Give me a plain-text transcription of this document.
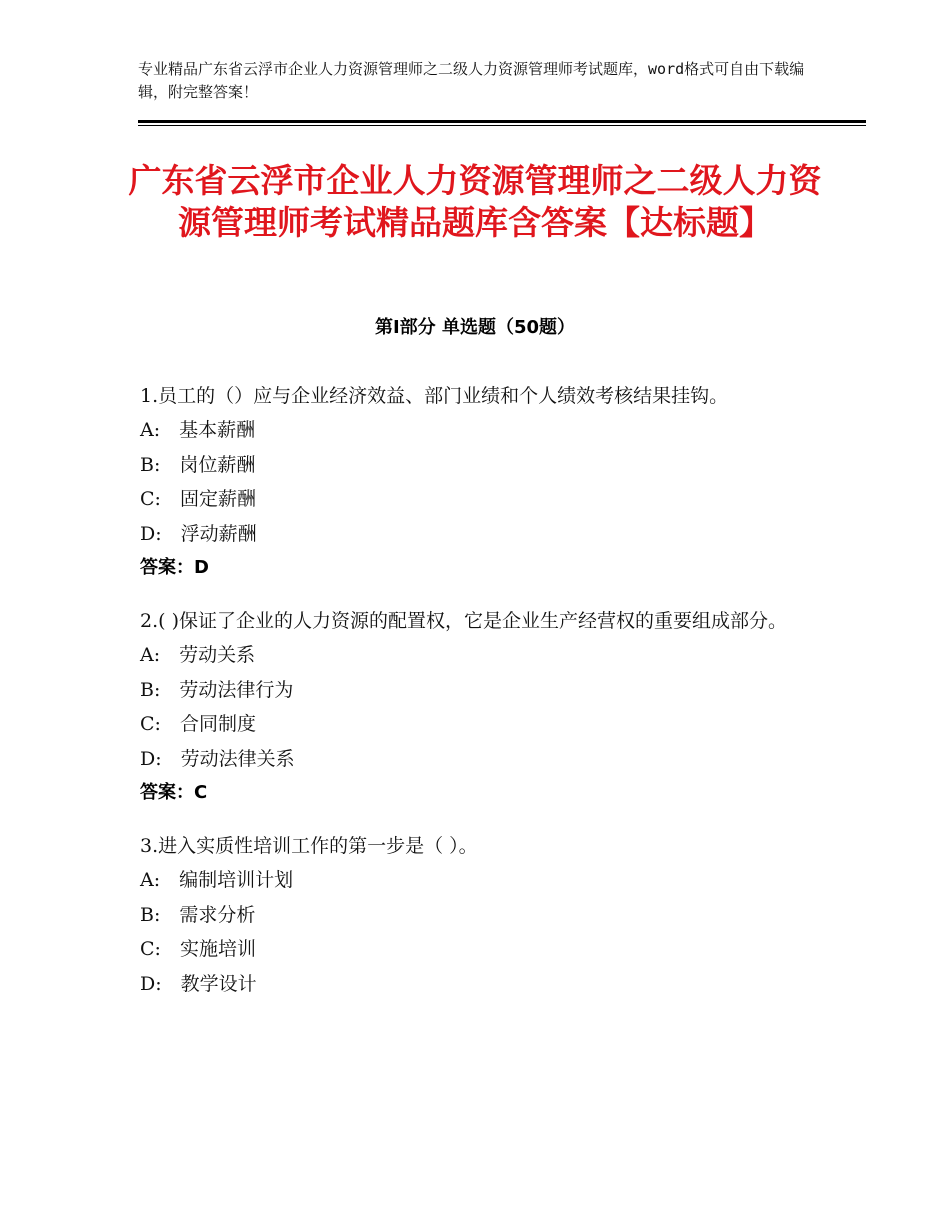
专业精品广东省云浮市企业人力资源管理师之二级人力资源管理师考试题库，word格式可自由下载编辑，附完整答案！
广东省云浮市企业人力资源管理师之二级人力资源管理师考试精品题库含答案【达标题】
第Ⅰ部分 单选题（50题）
1.员工的（）应与企业经济效益、部门业绩和个人绩效考核结果挂钩。
A:　基本薪酬
B:　岗位薪酬
C:　固定薪酬
D:　浮动薪酬
答案：D
2.( )保证了企业的人力资源的配置权，它是企业生产经营权的重要组成部分。
A:　劳动关系
B:　劳动法律行为
C:　合同制度
D:　劳动法律关系
答案：C
3.进入实质性培训工作的第一步是（ ）。
A:　编制培训计划
B:　需求分析
C:　实施培训
D:　教学设计
